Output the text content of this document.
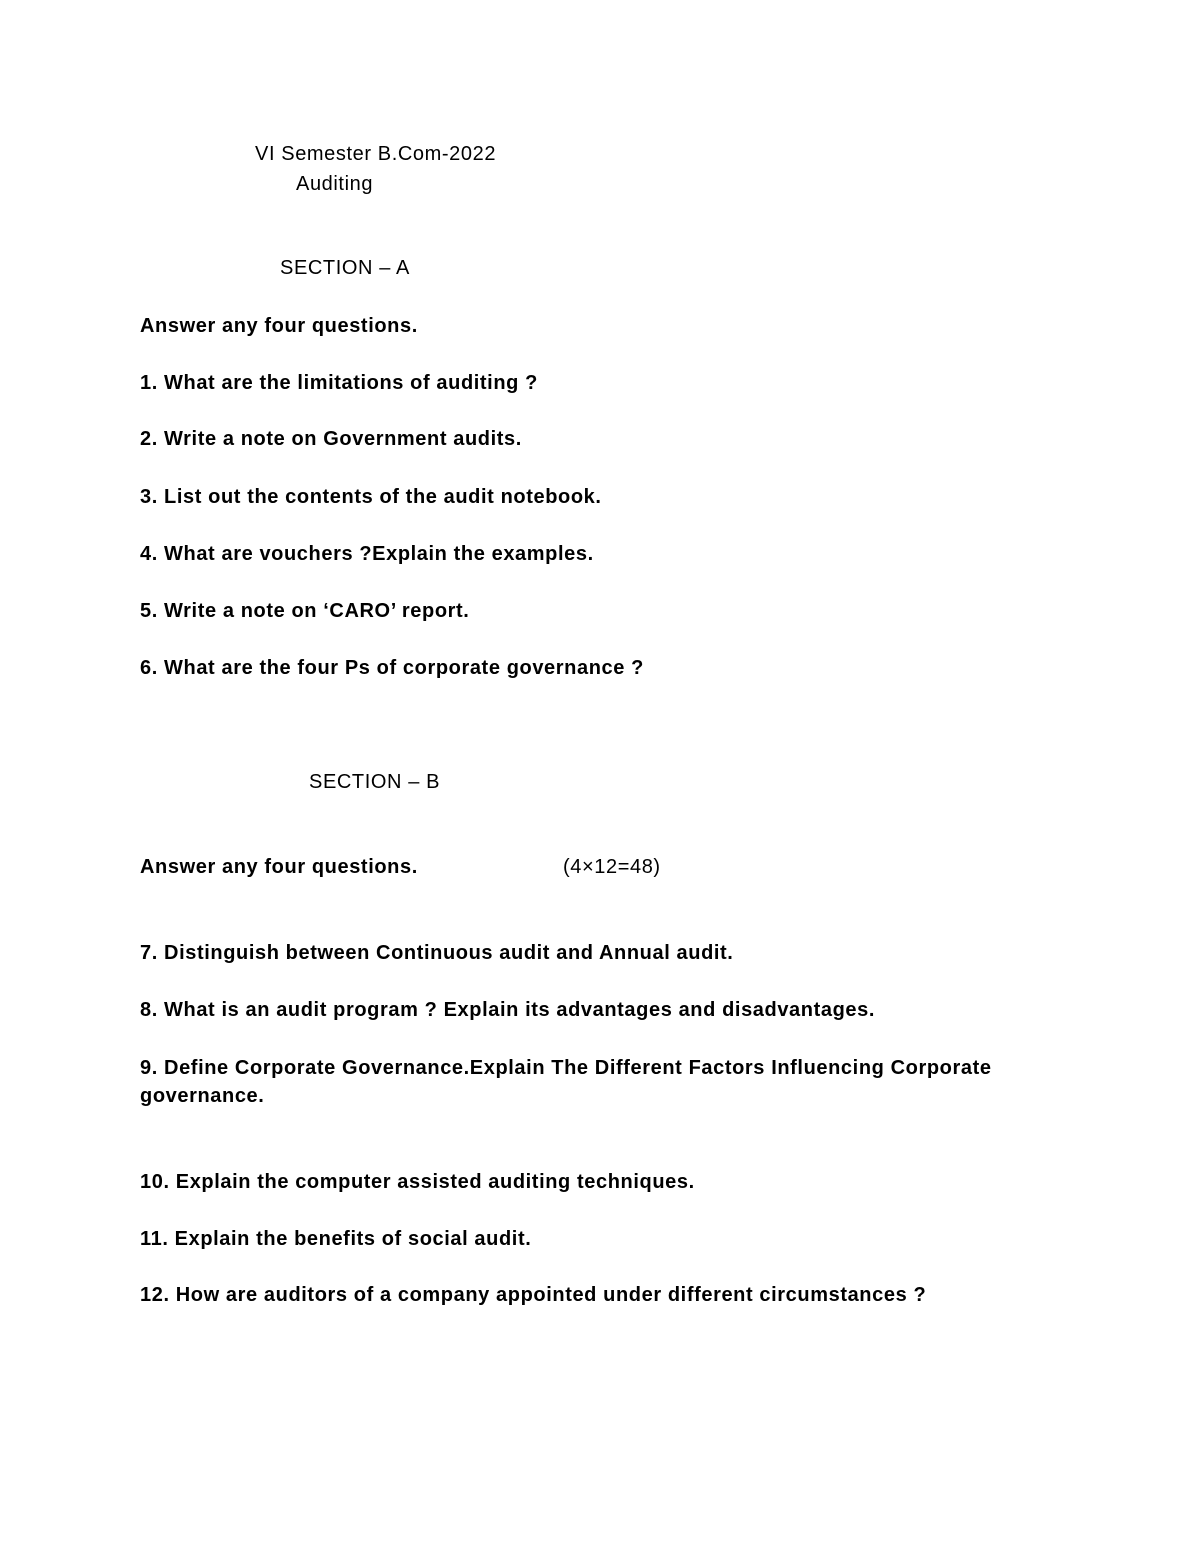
VI Semester B.Com-2022
Auditing
SECTION – A
Answer any four questions.
1. What are the limitations of auditing ?
2. Write a note on Government audits.
3. List out the contents of the audit notebook.
4. What are vouchers ?Explain the examples.
5. Write a note on ‘CARO’ report.
6. What are the four Ps of corporate governance ?
SECTION – B
Answer any four questions.	(4×12=48)
7. Distinguish between Continuous audit and Annual audit.
8. What is an audit program ? Explain its advantages and disadvantages.
9. Define Corporate Governance.Explain The Different Factors Influencing Corporate governance.
10. Explain the computer assisted auditing techniques.
11. Explain the benefits of social audit.
12. How are auditors of a company appointed under different circumstances ?
